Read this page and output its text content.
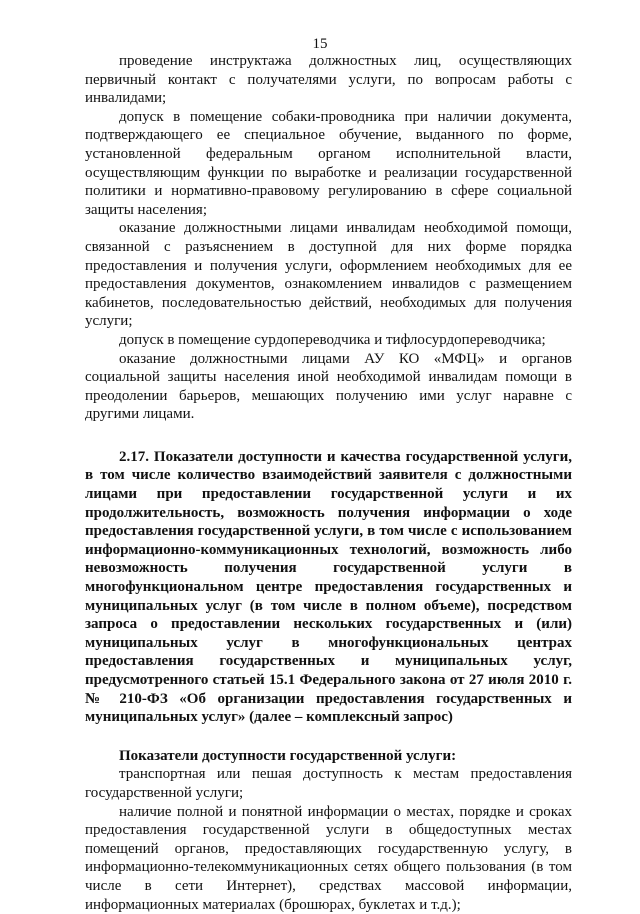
15

проведение инструктажа должностных лиц, осуществляющих первичный контакт с получателями услуги, по вопросам работы с инвалидами;

допуск в помещение собаки-проводника при наличии документа, подтверждающего ее специальное обучение, выданного по форме, установленной федеральным органом исполнительной власти, осуществляющим функции по выработке и реализации государственной политики и нормативно-правовому регулированию в сфере социальной защиты населения;

оказание должностными лицами инвалидам необходимой помощи, связанной с разъяснением в доступной для них форме порядка предоставления и получения услуги, оформлением необходимых для ее предоставления документов, ознакомлением инвалидов с размещением кабинетов, последовательностью действий, необходимых для получения услуги;

допуск в помещение сурдопереводчика и тифлосурдопереводчика;

оказание должностными лицами АУ КО «МФЦ» и органов социальной защиты населения иной необходимой инвалидам помощи в преодолении барьеров, мешающих получению ими услуг наравне с другими лицами.

2.17. Показатели доступности и качества государственной услуги, в том числе количество взаимодействий заявителя с должностными лицами при предоставлении государственной услуги и их продолжительность, возможность получения информации о ходе предоставления государственной услуги, в том числе с использованием информационно-коммуникационных технологий, возможность либо невозможность получения государственной услуги в многофункциональном центре предоставления государственных и муниципальных услуг (в том числе в полном объеме), посредством запроса о предоставлении нескольких государственных и (или) муниципальных услуг в многофункциональных центрах предоставления государственных и муниципальных услуг, предусмотренного статьей 15.1 Федерального закона от 27 июля 2010 г. № 210-ФЗ «Об организации предоставления государственных и муниципальных услуг» (далее – комплексный запрос)

Показатели доступности государственной услуги:

транспортная или пешая доступность к местам предоставления государственной услуги;

наличие полной и понятной информации о местах, порядке и сроках предоставления государственной услуги в общедоступных местах помещений органов, предоставляющих государственную услугу, в информационно-телекоммуникационных сетях общего пользования (в том числе в сети Интернет), средствах массовой информации, информационных материалах (брошюрах, буклетах и т.д.);
